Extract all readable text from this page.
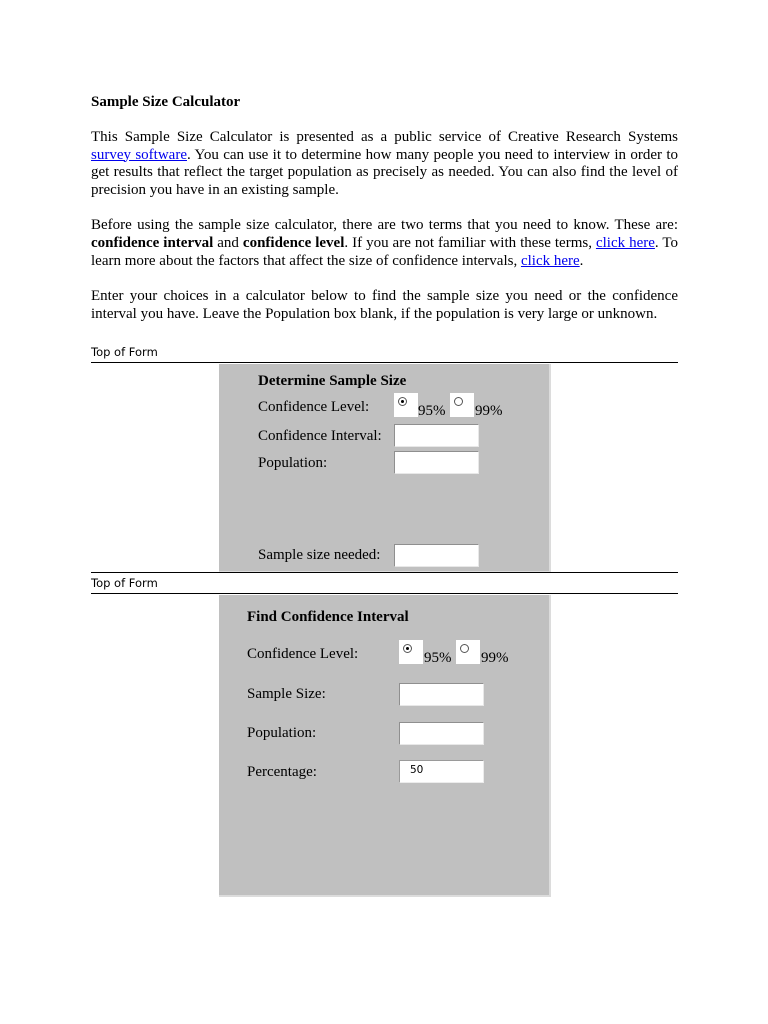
Sample Size Calculator

This Sample Size Calculator is presented as a public service of Creative Research Systems survey software. You can use it to determine how many people you need to interview in order to get results that reflect the target population as precisely as needed. You can also find the level of precision you have in an existing sample.

Before using the sample size calculator, there are two terms that you need to know. These are: confidence interval and confidence level. If you are not familiar with these terms, click here. To learn more about the factors that affect the size of confidence intervals, click here.

Enter your choices in a calculator below to find the sample size you need or the confidence interval you have. Leave the Population box blank, if the population is very large or unknown.

Top of Form
Determine Sample Size
Confidence Level:	95% 99%
Confidence Interval:
Population:
Sample size needed:
Top of Form
Find Confidence Interval
Confidence Level:	95% 99%
Sample Size:
Population:
Percentage:	50
